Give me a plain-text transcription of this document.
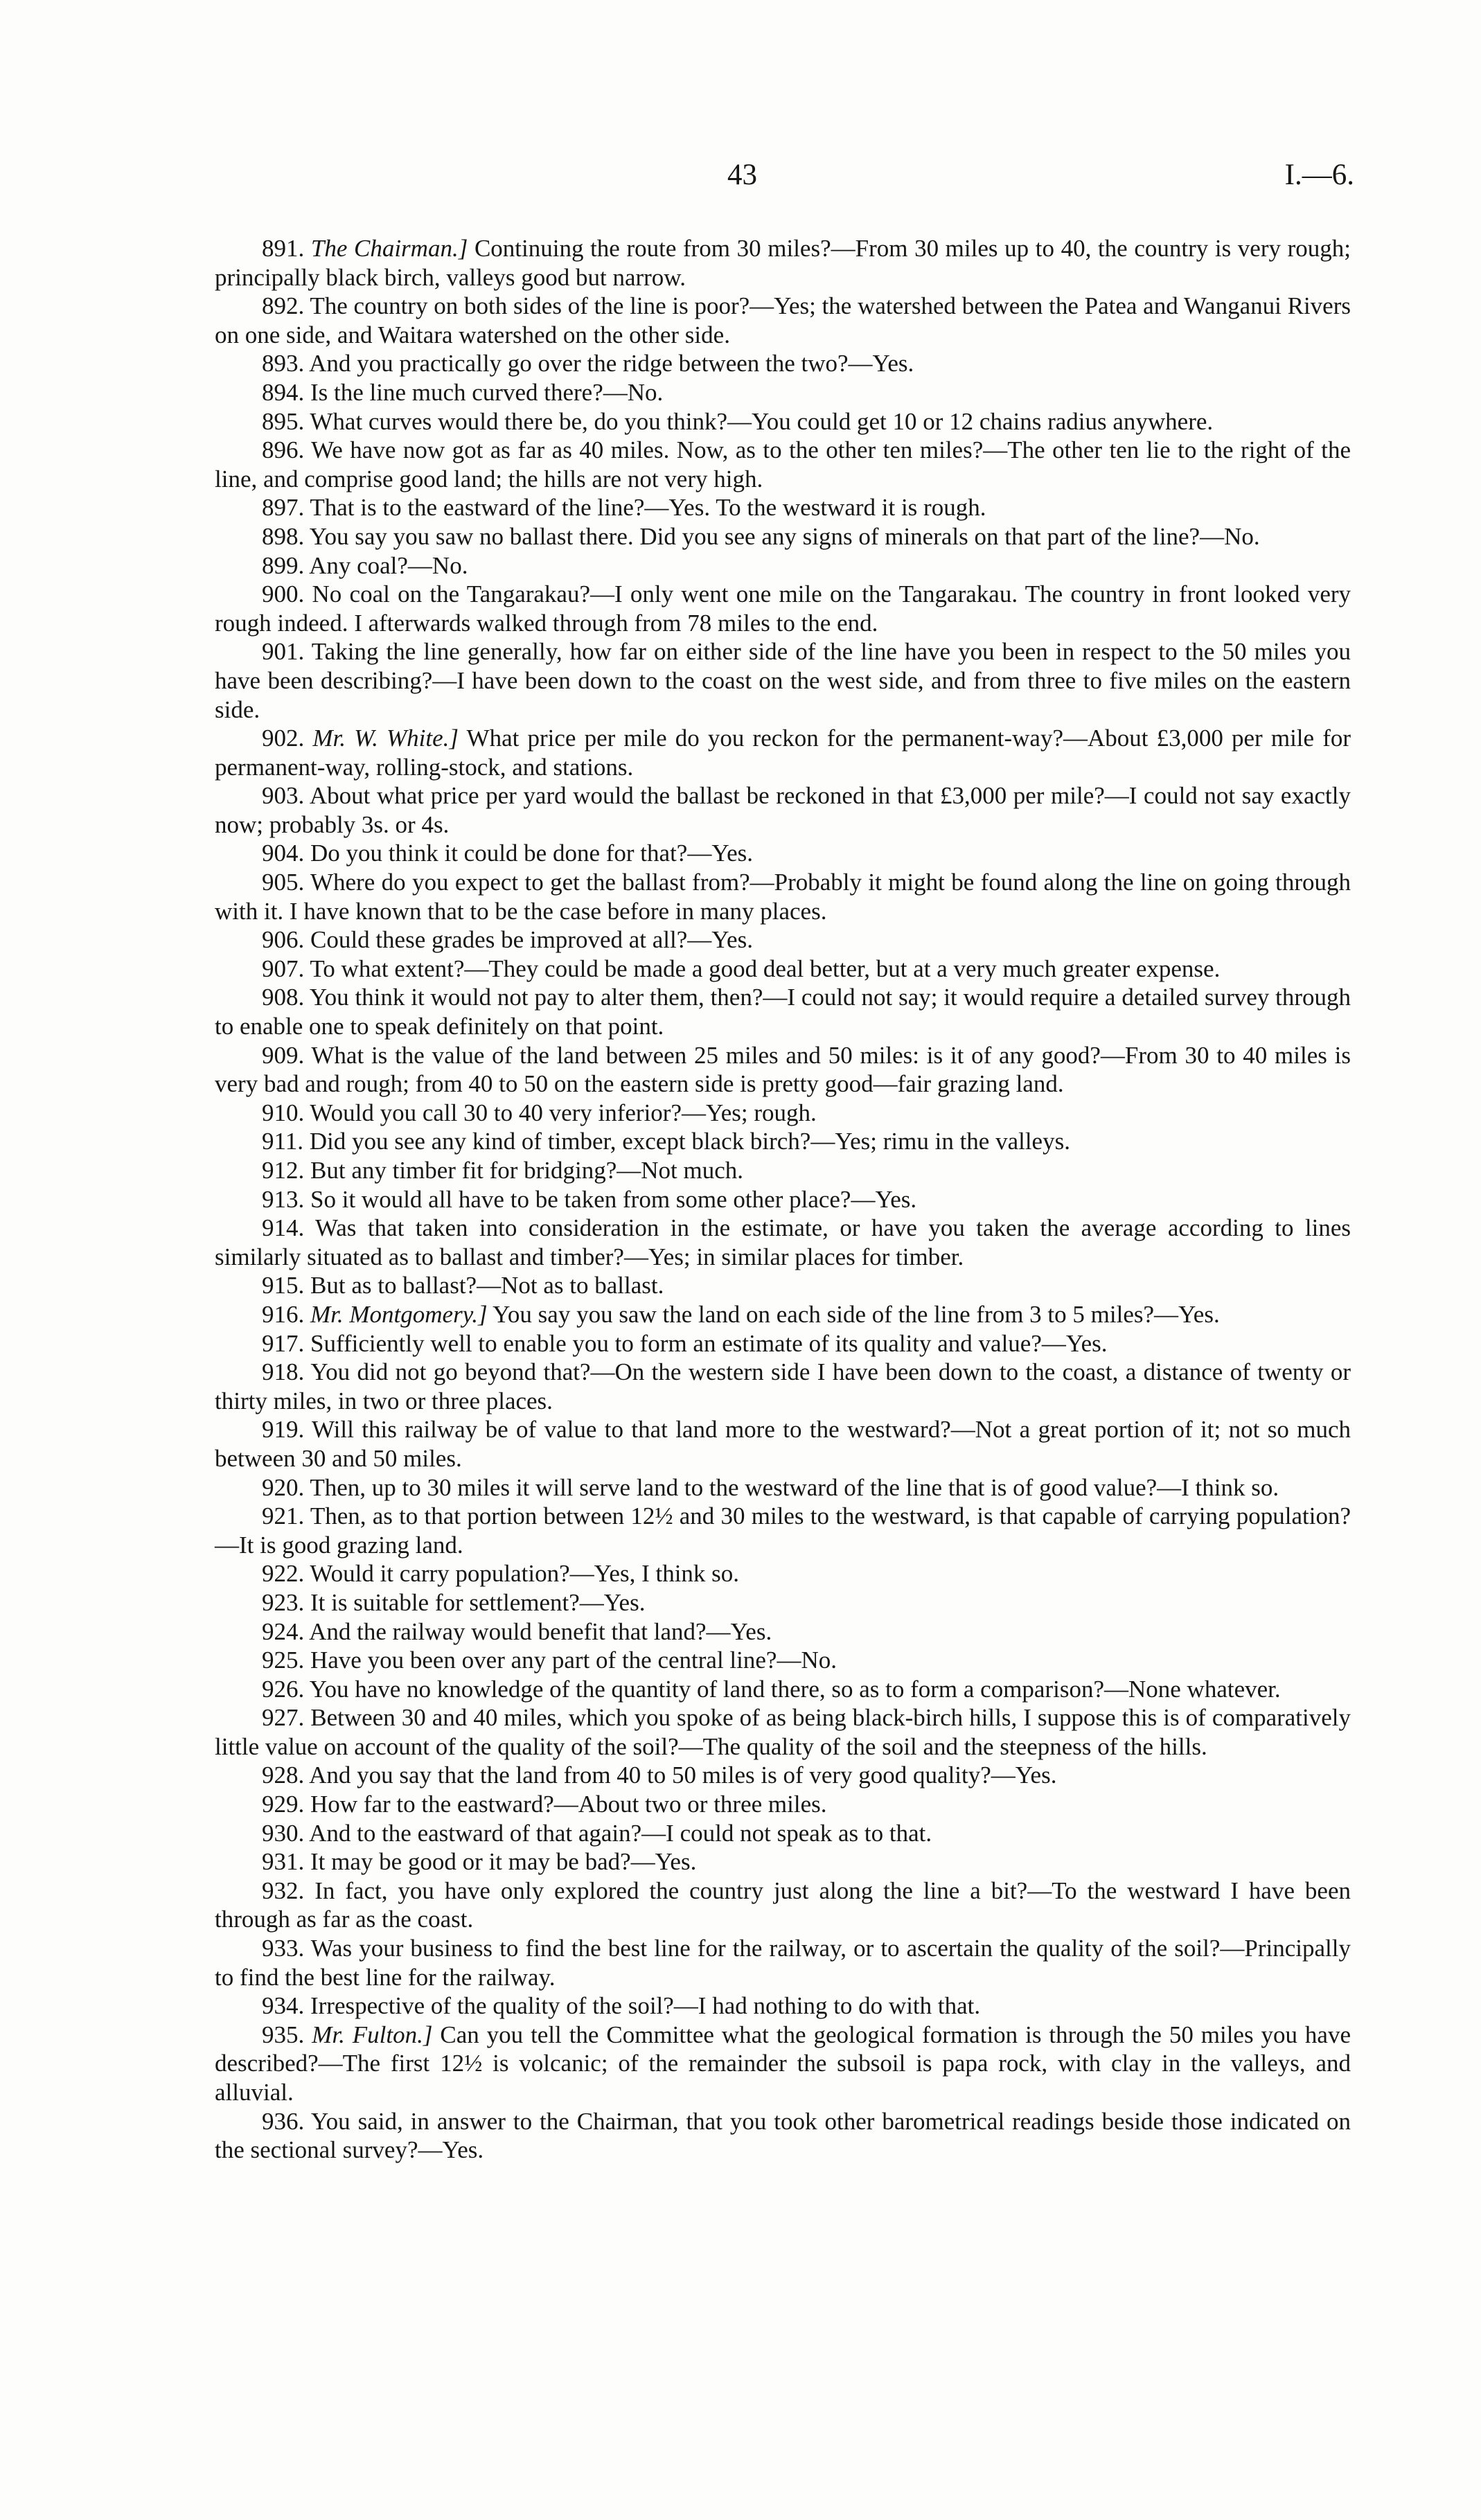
43	I.—6.

891. The Chairman.] Continuing the route from 30 miles?—From 30 miles up to 40, the country is very rough; principally black birch, valleys good but narrow.

892. The country on both sides of the line is poor?—Yes; the watershed between the Patea and Wanganui Rivers on one side, and Waitara watershed on the other side.

893. And you practically go over the ridge between the two?—Yes.

894. Is the line much curved there?—No.

895. What curves would there be, do you think?—You could get 10 or 12 chains radius anywhere.

896. We have now got as far as 40 miles. Now, as to the other ten miles?—The other ten lie to the right of the line, and comprise good land; the hills are not very high.

897. That is to the eastward of the line?—Yes. To the westward it is rough.

898. You say you saw no ballast there. Did you see any signs of minerals on that part of the line?—No.

899. Any coal?—No.

900. No coal on the Tangarakau?—I only went one mile on the Tangarakau. The country in front looked very rough indeed. I afterwards walked through from 78 miles to the end.

901. Taking the line generally, how far on either side of the line have you been in respect to the 50 miles you have been describing?—I have been down to the coast on the west side, and from three to five miles on the eastern side.

902. Mr. W. White.] What price per mile do you reckon for the permanent-way?—About £3,000 per mile for permanent-way, rolling-stock, and stations.

903. About what price per yard would the ballast be reckoned in that £3,000 per mile?—I could not say exactly now; probably 3s. or 4s.

904. Do you think it could be done for that?—Yes.

905. Where do you expect to get the ballast from?—Probably it might be found along the line on going through with it. I have known that to be the case before in many places.

906. Could these grades be improved at all?—Yes.

907. To what extent?—They could be made a good deal better, but at a very much greater expense.

908. You think it would not pay to alter them, then?—I could not say; it would require a detailed survey through to enable one to speak definitely on that point.

909. What is the value of the land between 25 miles and 50 miles: is it of any good?—From 30 to 40 miles is very bad and rough; from 40 to 50 on the eastern side is pretty good—fair grazing land.

910. Would you call 30 to 40 very inferior?—Yes; rough.

911. Did you see any kind of timber, except black birch?—Yes; rimu in the valleys.

912. But any timber fit for bridging?—Not much.

913. So it would all have to be taken from some other place?—Yes.

914. Was that taken into consideration in the estimate, or have you taken the average according to lines similarly situated as to ballast and timber?—Yes; in similar places for timber.

915. But as to ballast?—Not as to ballast.

916. Mr. Montgomery.] You say you saw the land on each side of the line from 3 to 5 miles?—Yes.

917. Sufficiently well to enable you to form an estimate of its quality and value?—Yes.

918. You did not go beyond that?—On the western side I have been down to the coast, a distance of twenty or thirty miles, in two or three places.

919. Will this railway be of value to that land more to the westward?—Not a great portion of it; not so much between 30 and 50 miles.

920. Then, up to 30 miles it will serve land to the westward of the line that is of good value?—I think so.

921. Then, as to that portion between 12½ and 30 miles to the westward, is that capable of carrying population?—It is good grazing land.

922. Would it carry population?—Yes, I think so.

923. It is suitable for settlement?—Yes.

924. And the railway would benefit that land?—Yes.

925. Have you been over any part of the central line?—No.

926. You have no knowledge of the quantity of land there, so as to form a comparison?—None whatever.

927. Between 30 and 40 miles, which you spoke of as being black-birch hills, I suppose this is of comparatively little value on account of the quality of the soil?—The quality of the soil and the steepness of the hills.

928. And you say that the land from 40 to 50 miles is of very good quality?—Yes.

929. How far to the eastward?—About two or three miles.

930. And to the eastward of that again?—I could not speak as to that.

931. It may be good or it may be bad?—Yes.

932. In fact, you have only explored the country just along the line a bit?—To the westward I have been through as far as the coast.

933. Was your business to find the best line for the railway, or to ascertain the quality of the soil?—Principally to find the best line for the railway.

934. Irrespective of the quality of the soil?—I had nothing to do with that.

935. Mr. Fulton.] Can you tell the Committee what the geological formation is through the 50 miles you have described?—The first 12½ is volcanic; of the remainder the subsoil is papa rock, with clay in the valleys, and alluvial.

936. You said, in answer to the Chairman, that you took other barometrical readings beside those indicated on the sectional survey?—Yes.
